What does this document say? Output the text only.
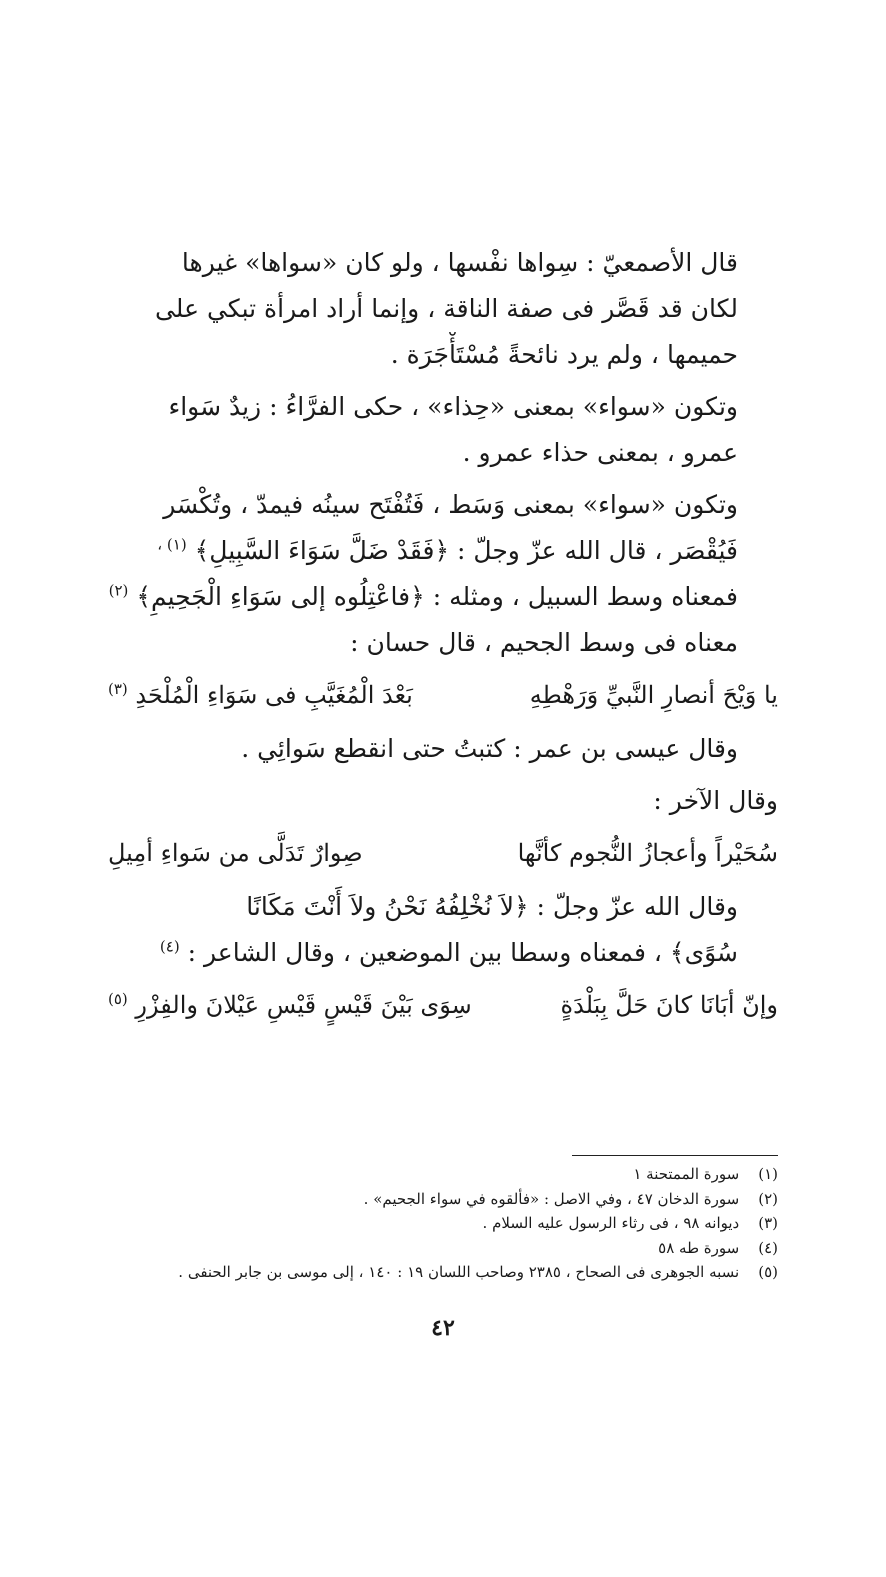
قال الأصمعيّ : سِواها نفْسها ، ولو كان «سواها» غيرها
لكان قد قَصَّر فى صفة الناقة ، وإنما أراد امرأة تبكي على
حميمها ، ولم يرد نائحةً مُسْتَأْجَرَة .

وتكون «سواء» بمعنى «حِذاء» ، حكى الفرَّاءُ : زيدٌ سَواء
عمرو ، بمعنى حذاء عمرو .

وتكون «سواء» بمعنى وَسَط ، فَتُفْتَح سينُه فيمدّ ، وتُكْسَر
فَيُقْصَر ، قال الله عزّ وجلّ : ﴿فَقَدْ ضَلَّ سَوَاءَ السَّبِيلِ﴾ $^{(١) ،}$
فمعناه وسط السبيل ، ومثله : ﴿فاعْتِلُوه إلى سَوَاءِ الْجَحِيمِ﴾ $^{(٢)}$
معناه فى وسط الجحيم ، قال حسان :

يا وَيْحَ أنصارِ النَّبيِّ وَرَهْطِهِ
بَعْدَ الْمُغَيَّبِ فى سَوَاءِ الْمُلْحَدِ $^{(٣)}$

وقال عيسى بن عمر : كتبتُ حتى انقطع سَوائِي .

وقال الآخر :

سُحَيْراً وأعجازُ النُّجوم كأنَّها
صِوارٌ تَدَلَّى من سَواءِ أمِيلِ

وقال الله عزّ وجلّ : ﴿لاَ نُخْلِفُهُ نَحْنُ ولاَ أَنْتَ مَكَانًا
سُوًى﴾ ، فمعناه وسطا بين الموضعين ، وقال الشاعر : $^{(٤)}$

وإنّ أبَانَا كانَ حَلَّ بِبَلْدَةٍ
سِوَى بَيْنَ قَيْسٍ قَيْسِ عَيْلانَ والفِزْرِ $^{(٥)}$
(١) سورة الممتحنة ١
(٢) سورة الدخان ٤٧ ، وفي الاصل : «فألقوه في سواء الجحيم» .
(٣) ديوانه ٩٨ ، فى رثاء الرسول عليه السلام .
(٤) سورة طه ٥٨
(٥) نسبه الجوهرى فى الصحاح ، ٢٣٨٥ وصاحب اللسان ١٩ : ١٤٠ ، إلى موسى بن جابر الحنفى .
٤٢
